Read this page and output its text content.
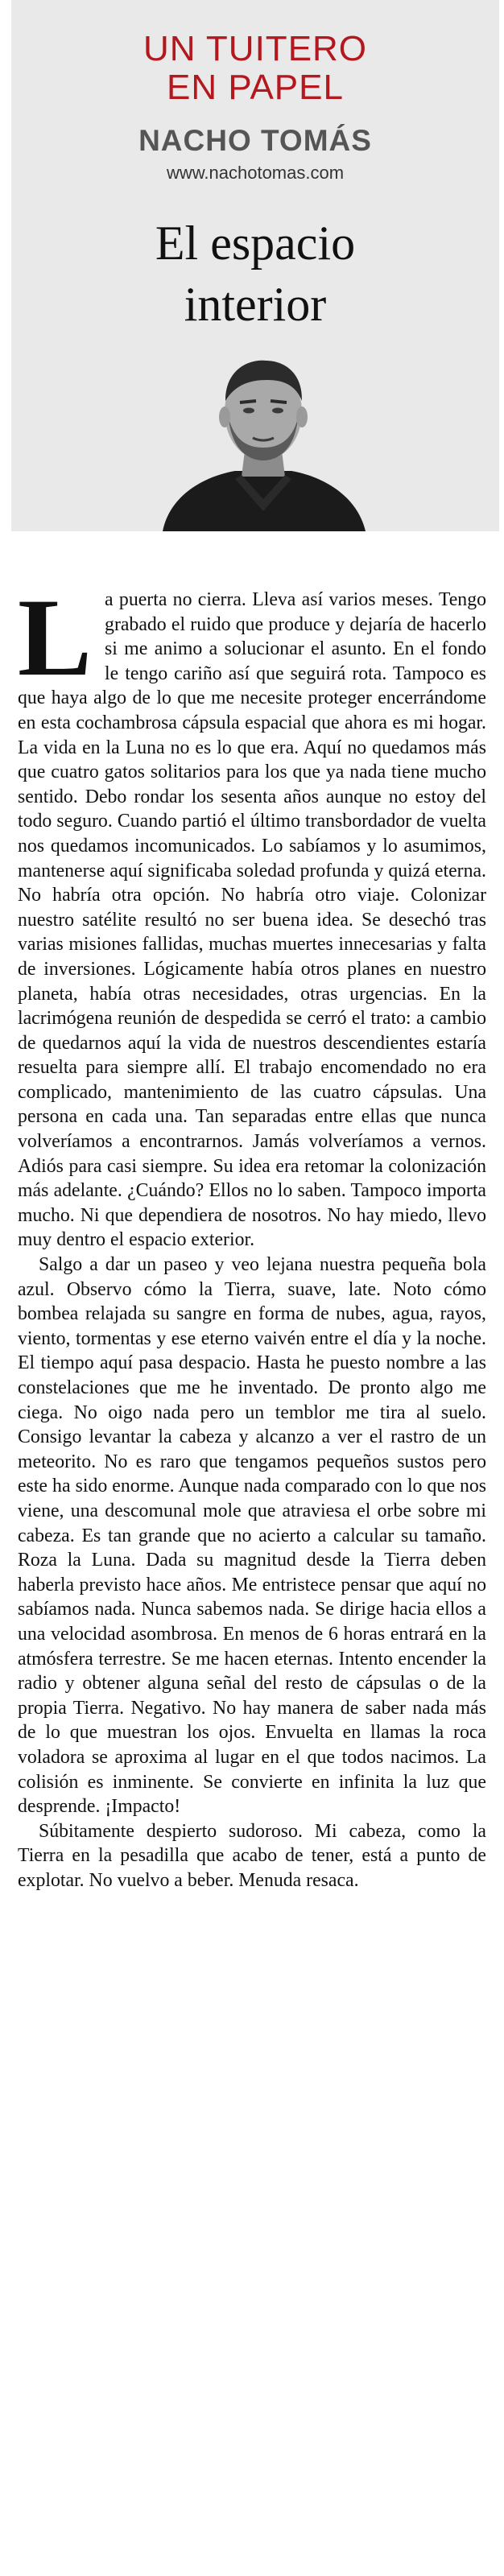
UN TUITERO
EN PAPEL
NACHO TOMÁS
www.nachotomas.com
El espacio
interior

La puerta no cierra. Lleva así varios meses. Tengo grabado el ruido que produce y dejaría de hacerlo si me animo a solucionar el asunto. En el fondo le tengo cariño así que seguirá rota. Tampoco es que haya algo de lo que me necesite proteger encerrándome en esta cochambrosa cápsula espacial que ahora es mi hogar. La vida en la Luna no es lo que era. Aquí no quedamos más que cuatro gatos solitarios para los que ya nada tiene mucho sentido. Debo rondar los sesenta años aunque no estoy del todo seguro. Cuando partió el último transbordador de vuelta nos quedamos incomunicados. Lo sabíamos y lo asumimos, mantenerse aquí significaba soledad profunda y quizá eterna. No habría otra opción. No habría otro viaje. Colonizar nuestro satélite resultó no ser buena idea. Se desechó tras varias misiones fallidas, muchas muertes innecesarias y falta de inversiones. Lógicamente había otros planes en nuestro planeta, había otras necesidades, otras urgencias. En la lacrimógena reunión de despedida se cerró el trato: a cambio de quedarnos aquí la vida de nuestros descendientes estaría resuelta para siempre allí. El trabajo encomendado no era complicado, mantenimiento de las cuatro cápsulas. Una persona en cada una. Tan separadas entre ellas que nunca volveríamos a encontrarnos. Jamás volveríamos a vernos. Adiós para casi siempre. Su idea era retomar la colonización más adelante. ¿Cuándo? Ellos no lo saben. Tampoco importa mucho. Ni que dependiera de nosotros. No hay miedo, llevo muy dentro el espacio exterior.

Salgo a dar un paseo y veo lejana nuestra pequeña bola azul. Observo cómo la Tierra, suave, late. Noto cómo bombea relajada su sangre en forma de nubes, agua, rayos, viento, tormentas y ese eterno vaivén entre el día y la noche. El tiempo aquí pasa despacio. Hasta he puesto nombre a las constelaciones que me he inventado. De pronto algo me ciega. No oigo nada pero un temblor me tira al suelo. Consigo levantar la cabeza y alcanzo a ver el rastro de un meteorito. No es raro que tengamos pequeños sustos pero este ha sido enorme. Aunque nada comparado con lo que nos viene, una descomunal mole que atraviesa el orbe sobre mi cabeza. Es tan grande que no acierto a calcular su tamaño. Roza la Luna. Dada su magnitud desde la Tierra deben haberla previsto hace años. Me entristece pensar que aquí no sabíamos nada. Nunca sabemos nada. Se dirige hacia ellos a una velocidad asombrosa. En menos de 6 horas entrará en la atmósfera terrestre. Se me hacen eternas. Intento encender la radio y obtener alguna señal del resto de cápsulas o de la propia Tierra. Negativo. No hay manera de saber nada más de lo que muestran los ojos. Envuelta en llamas la roca voladora se aproxima al lugar en el que todos nacimos. La colisión es inminente. Se convierte en infinita la luz que desprende. ¡Impacto!

Súbitamente despierto sudoroso. Mi cabeza, como la Tierra en la pesadilla que acabo de tener, está a punto de explotar. No vuelvo a beber. Menuda resaca.
